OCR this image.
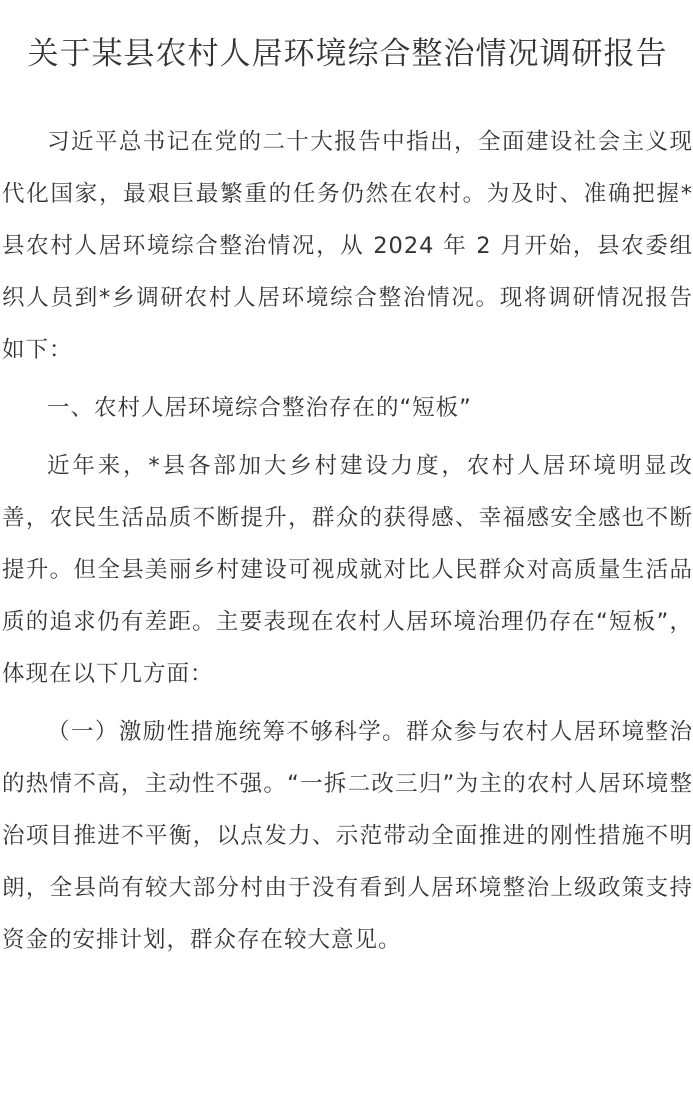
关于某县农村人居环境综合整治情况调研报告

习近平总书记在党的二十大报告中指出，全面建设社会主义现代化国家，最艰巨最繁重的任务仍然在农村。为及时、准确把握*县农村人居环境综合整治情况，从 2024 年 2 月开始，县农委组织人员到*乡调研农村人居环境综合整治情况。现将调研情况报告如下：

一、农村人居环境综合整治存在的“短板”

近年来，*县各部加大乡村建设力度，农村人居环境明显改善，农民生活品质不断提升，群众的获得感、幸福感安全感也不断提升。但全县美丽乡村建设可视成就对比人民群众对高质量生活品质的追求仍有差距。主要表现在农村人居环境治理仍存在“短板”，体现在以下几方面：

（一）激励性措施统筹不够科学。群众参与农村人居环境整治的热情不高，主动性不强。“一拆二改三归”为主的农村人居环境整治项目推进不平衡，以点发力、示范带动全面推进的刚性措施不明朗，全县尚有较大部分村由于没有看到人居环境整治上级政策支持资金的安排计划，群众存在较大意见。
